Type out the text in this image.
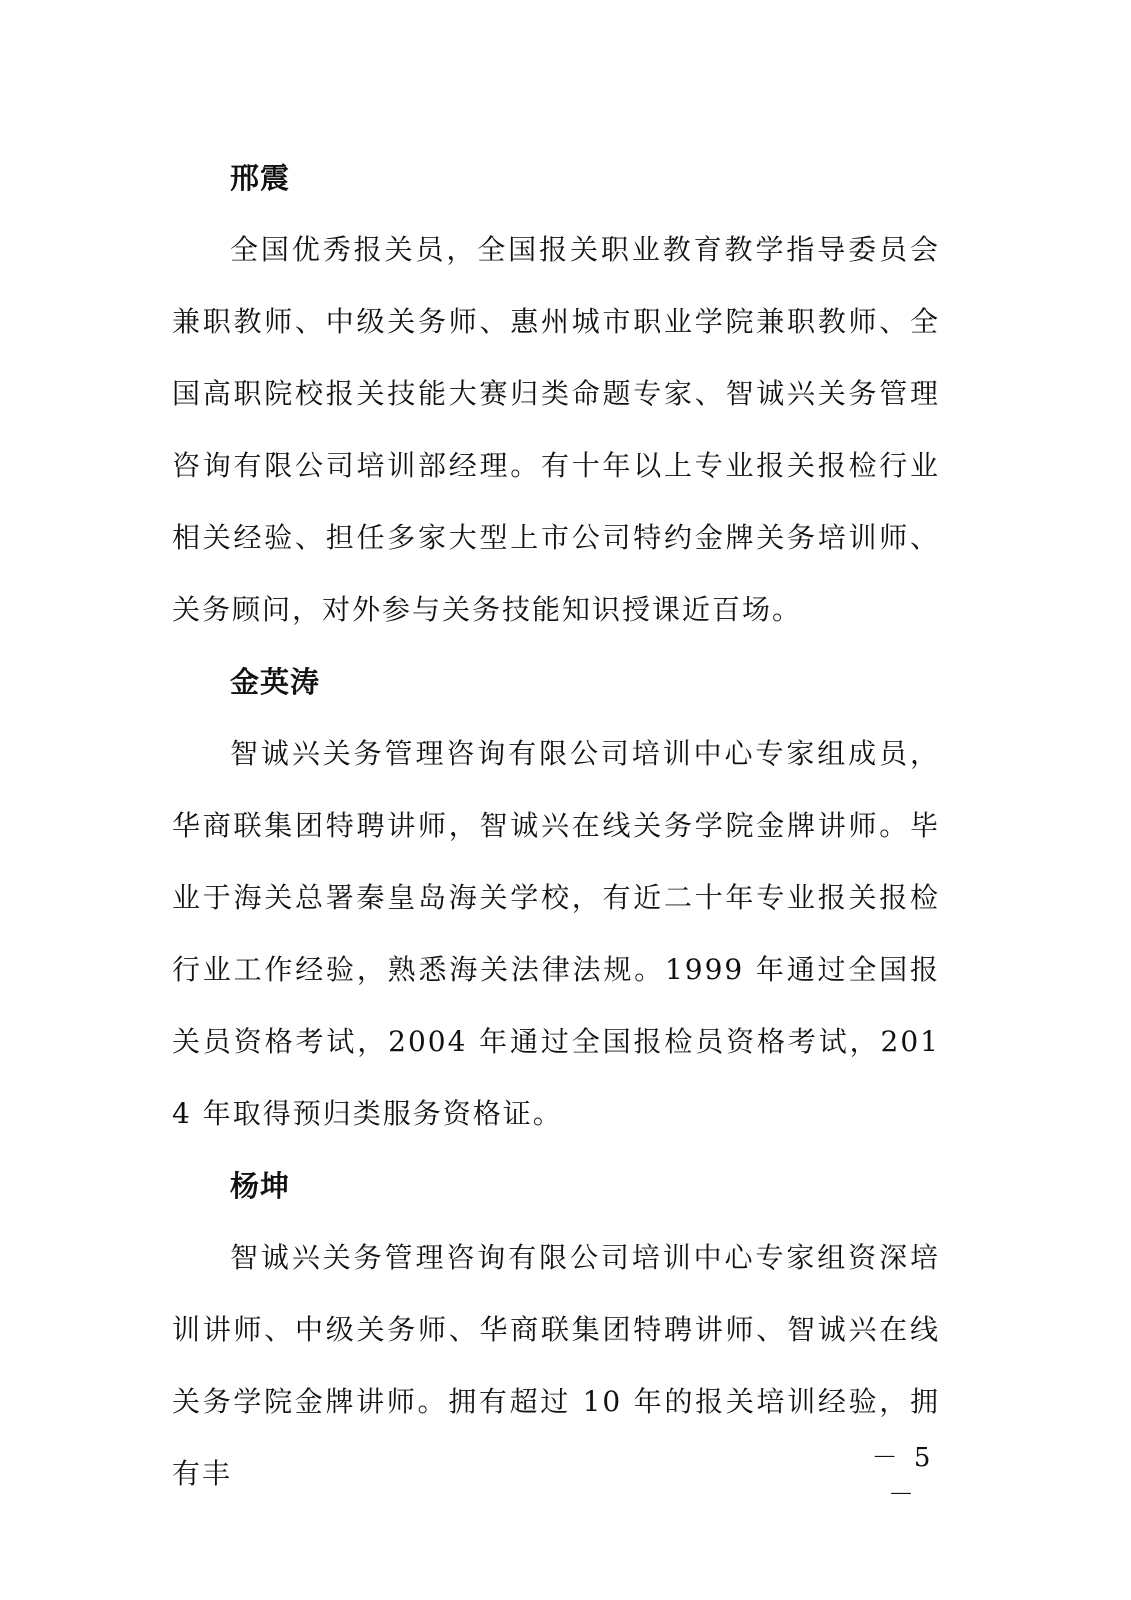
邢震

全国优秀报关员，全国报关职业教育教学指导委员会兼职教师、中级关务师、惠州城市职业学院兼职教师、全国高职院校报关技能大赛归类命题专家、智诚兴关务管理咨询有限公司培训部经理。有十年以上专业报关报检行业相关经验、担任多家大型上市公司特约金牌关务培训师、关务顾问，对外参与关务技能知识授课近百场。

金英涛

智诚兴关务管理咨询有限公司培训中心专家组成员，华商联集团特聘讲师，智诚兴在线关务学院金牌讲师。毕业于海关总署秦皇岛海关学校，有近二十年专业报关报检行业工作经验，熟悉海关法律法规。1999 年通过全国报关员资格考试，2004 年通过全国报检员资格考试，2014 年取得预归类服务资格证。

杨坤

智诚兴关务管理咨询有限公司培训中心专家组资深培训讲师、中级关务师、华商联集团特聘讲师、智诚兴在线关务学院金牌讲师。拥有超过 10 年的报关培训经验，拥有丰	－ 5 －
